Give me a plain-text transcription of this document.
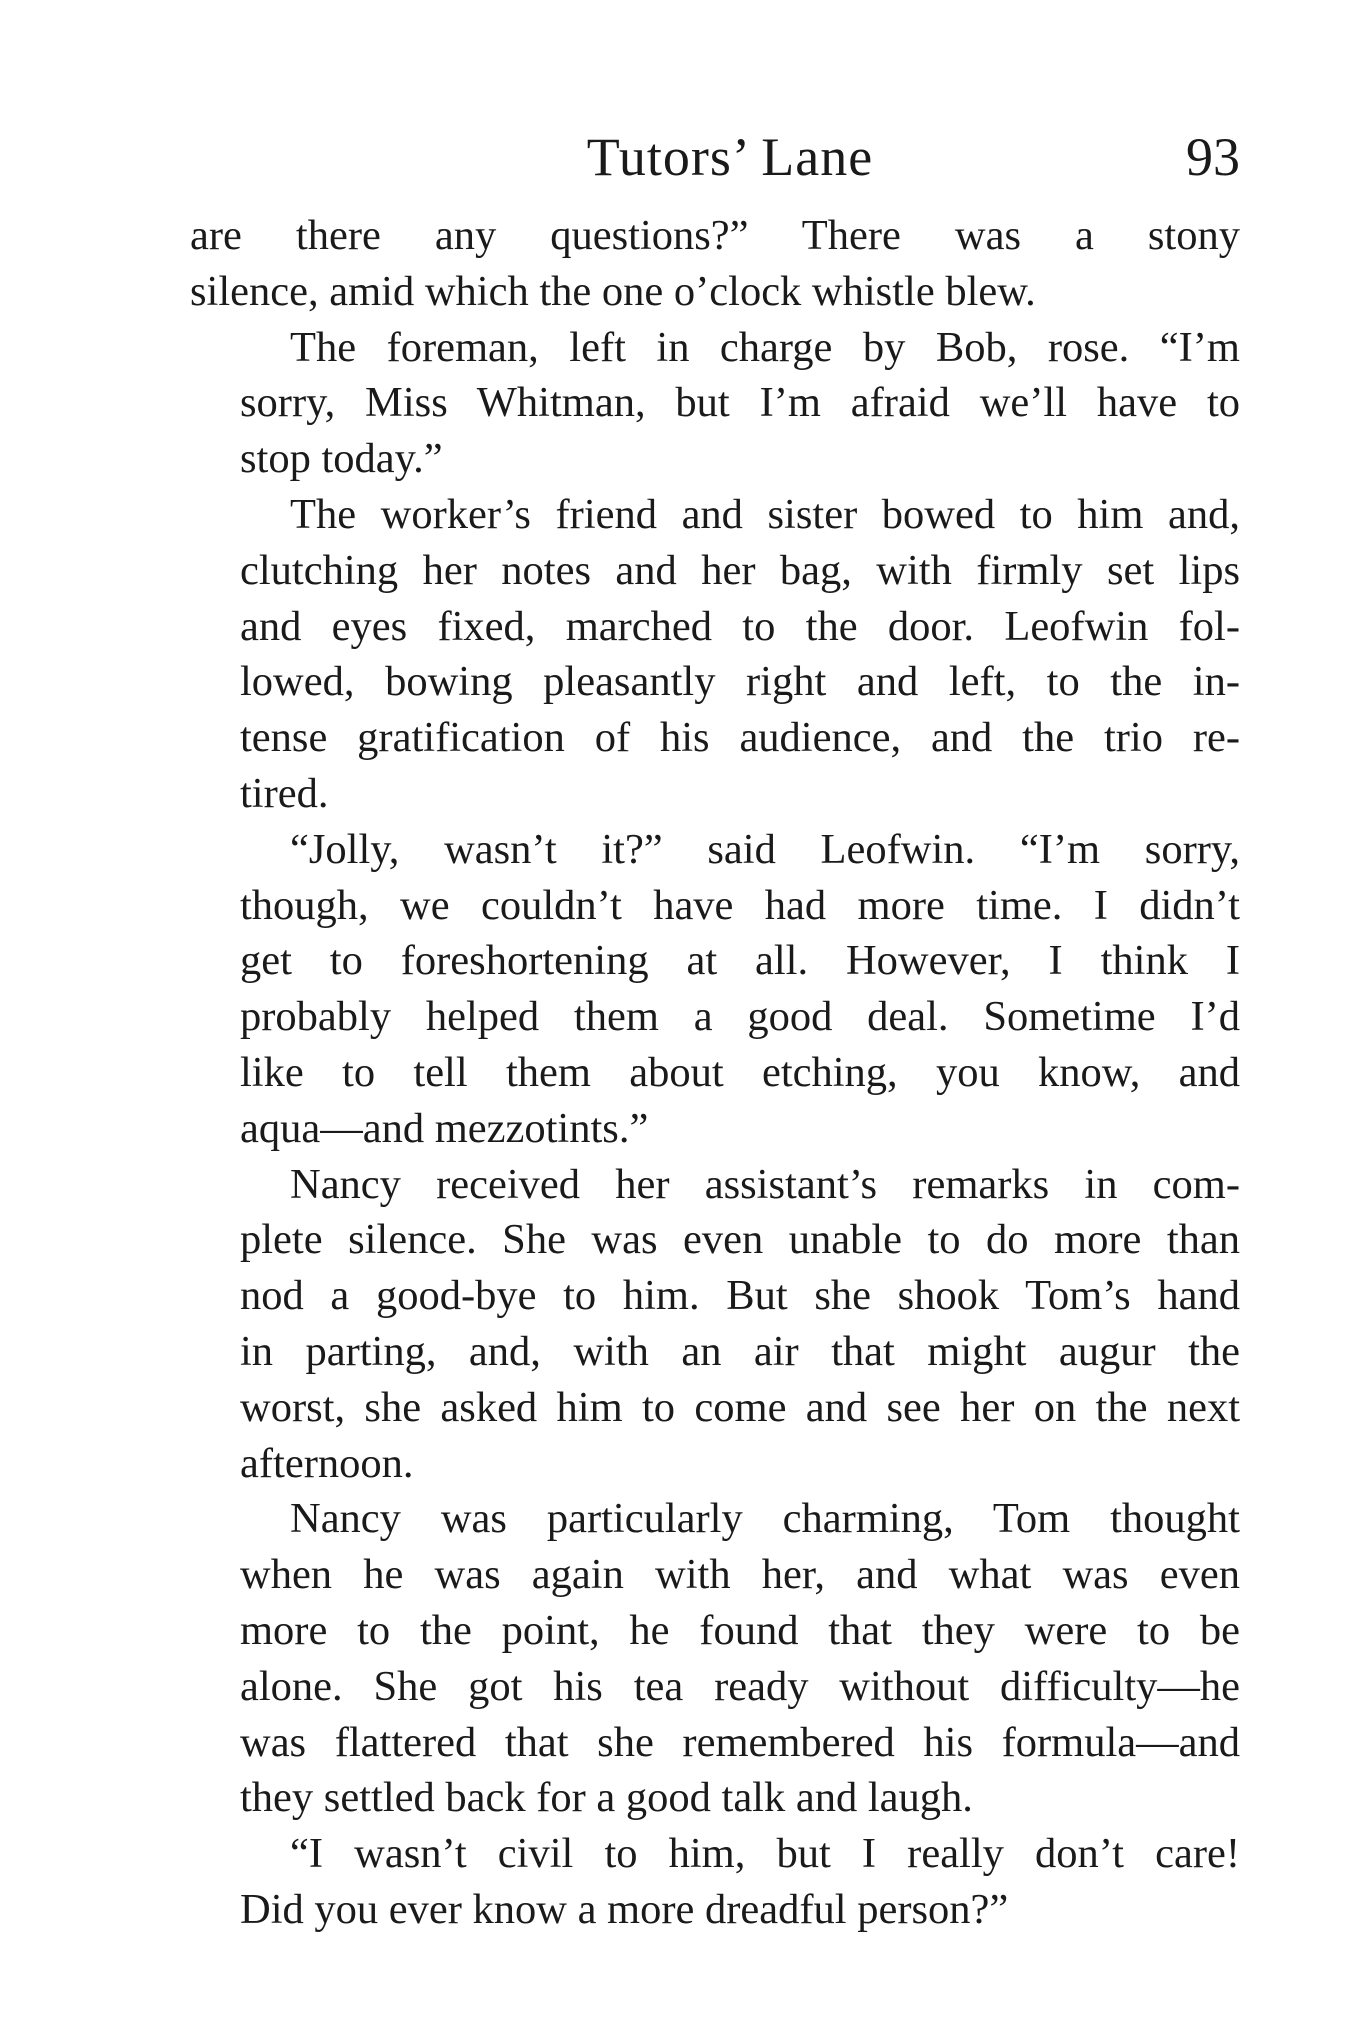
Tutors’ Lane	93
are there any questions?” There was a stony
silence, amid which the one o’clock whistle blew.
The foreman, left in charge by Bob, rose. “I’m
sorry, Miss Whitman, but I’m afraid we’ll have to
stop today.”
The worker’s friend and sister bowed to him and,
clutching her notes and her bag, with firmly set lips
and eyes fixed, marched to the door. Leofwin fol-
lowed, bowing pleasantly right and left, to the in-
tense gratification of his audience, and the trio re-
tired.
“Jolly, wasn’t it?” said Leofwin. “I’m sorry,
though, we couldn’t have had more time. I didn’t
get to foreshortening at all. However, I think I
probably helped them a good deal. Sometime I’d
like to tell them about etching, you know, and
aqua—and mezzotints.”
Nancy received her assistant’s remarks in com-
plete silence. She was even unable to do more than
nod a good-bye to him. But she shook Tom’s hand
in parting, and, with an air that might augur the
worst, she asked him to come and see her on the next
afternoon.
Nancy was particularly charming, Tom thought
when he was again with her, and what was even
more to the point, he found that they were to be
alone. She got his tea ready without difficulty—he
was flattered that she remembered his formula—and
they settled back for a good talk and laugh.
“I wasn’t civil to him, but I really don’t care!
Did you ever know a more dreadful person?”
